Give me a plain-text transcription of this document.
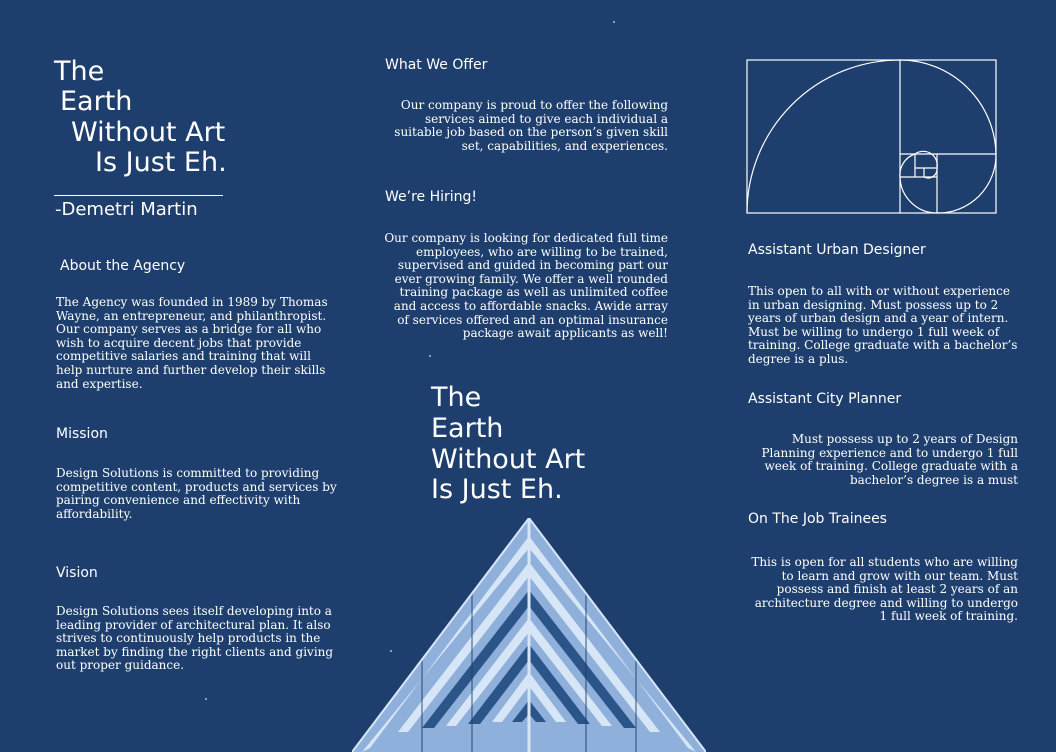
The
Earth
Without Art
Is Just Eh.
-Demetri Martin
About the Agency
The Agency was founded in 1989 by Thomas Wayne, an entrepreneur, and philanthropist. Our company serves as a bridge for all who wish to acquire decent jobs that provide competitive salaries and training that will help nurture and further develop their skills and expertise.
Mission
Design Solutions is committed to providing competitive content, products and services by pairing convenience and effectivity with affordability.
Vision
Design Solutions sees itself developing into a leading provider of architectural plan. It also strives to continuously help products in the market by finding the right clients and giving out proper guidance.
What We Offer
Our company is proud to offer the following services aimed to give each individual a suitable job based on the person’s given skill set, capabilities, and experiences.
We’re Hiring!
Our company is looking for dedicated full time employees, who are willing to be trained, supervised and guided in becoming part our ever growing family. We offer a well rounded training package as well as unlimited coffee and access to affordable snacks. Awide array of services offered and an optimal insurance package await applicants as well!
The
Earth
Without Art
Is Just Eh.
Assistant Urban Designer
This open to all with or without experience in urban designing. Must possess up to 2 years of urban design and a year of intern. Must be willing to undergo 1 full week of training. College graduate with a bachelor’s degree is a plus.
Assistant City Planner
Must possess up to 2 years of Design Planning experience and to undergo 1 full week of training. College graduate with a bachelor’s degree is a must
On The Job Trainees
This is open for all students who are willing to learn and grow with our team. Must possess and finish at least 2 years of an architecture degree and willing to undergo 1 full week of training.
